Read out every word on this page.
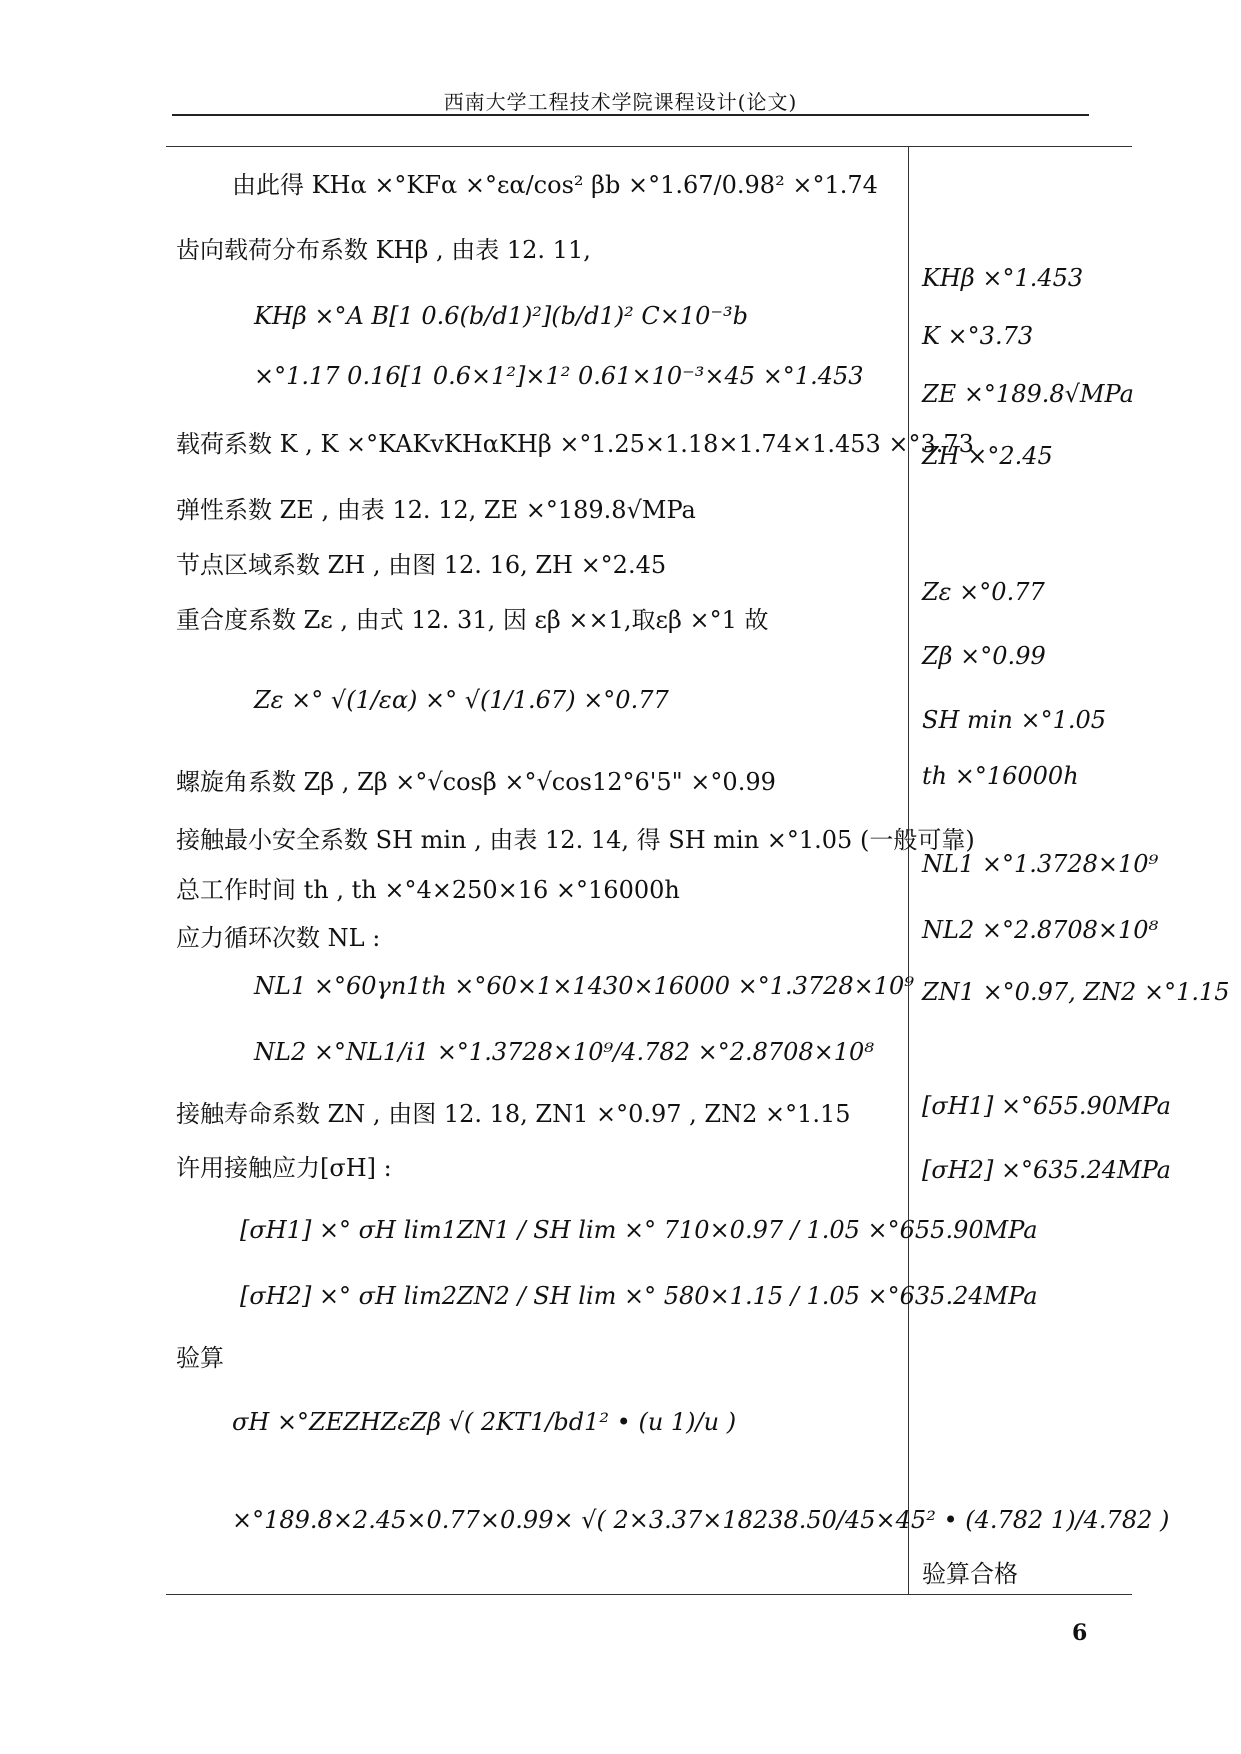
西南大学工程技术学院课程设计(论文)
由此得 KHα ×°KFα ×°εα/cos² βb ×°1.67/0.98² ×°1.74
齿向载荷分布系数 KHβ , 由表 12. 11,
KHβ ×°A B[1 0.6(b/d1)²](b/d1)² C×10⁻³b
×°1.17 0.16[1 0.6×1²]×1² 0.61×10⁻³×45 ×°1.453
载荷系数 K , K ×°KAKvKHαKHβ ×°1.25×1.18×1.74×1.453 ×°3.73
弹性系数 ZE , 由表 12. 12, ZE ×°189.8√MPa
节点区域系数 ZH , 由图 12. 16, ZH ×°2.45
重合度系数 Zε , 由式 12. 31, 因 εβ ××1,取εβ ×°1 故
Zε ×° √(1/εα) ×° √(1/1.67) ×°0.77
螺旋角系数 Zβ , Zβ ×°√cosβ ×°√cos12°6'5" ×°0.99
接触最小安全系数 SH min , 由表 12. 14, 得 SH min ×°1.05 (一般可靠)
总工作时间 th , th ×°4×250×16 ×°16000h
应力循环次数 NL :
NL1 ×°60γn1th ×°60×1×1430×16000 ×°1.3728×10⁹
NL2 ×°NL1/i1 ×°1.3728×10⁹/4.782 ×°2.8708×10⁸
接触寿命系数 ZN , 由图 12. 18, ZN1 ×°0.97 , ZN2 ×°1.15
许用接触应力[σH] :
[σH1] ×° σH lim1ZN1 / SH lim ×° 710×0.97 / 1.05 ×°655.90MPa
[σH2] ×° σH lim2ZN2 / SH lim ×° 580×1.15 / 1.05 ×°635.24MPa
验算
σH ×°ZEZHZεZβ √( 2KT1/bd1² • (u 1)/u )
×°189.8×2.45×0.77×0.99× √( 2×3.37×18238.50/45×45² • (4.782 1)/4.782 )
KHβ ×°1.453
K ×°3.73
ZE ×°189.8√MPa
ZH ×°2.45
Zε ×°0.77
Zβ ×°0.99
SH min ×°1.05
th ×°16000h
NL1 ×°1.3728×10⁹
NL2 ×°2.8708×10⁸
ZN1 ×°0.97, ZN2 ×°1.15
[σH1] ×°655.90MPa
[σH2] ×°635.24MPa
验算合格
6
